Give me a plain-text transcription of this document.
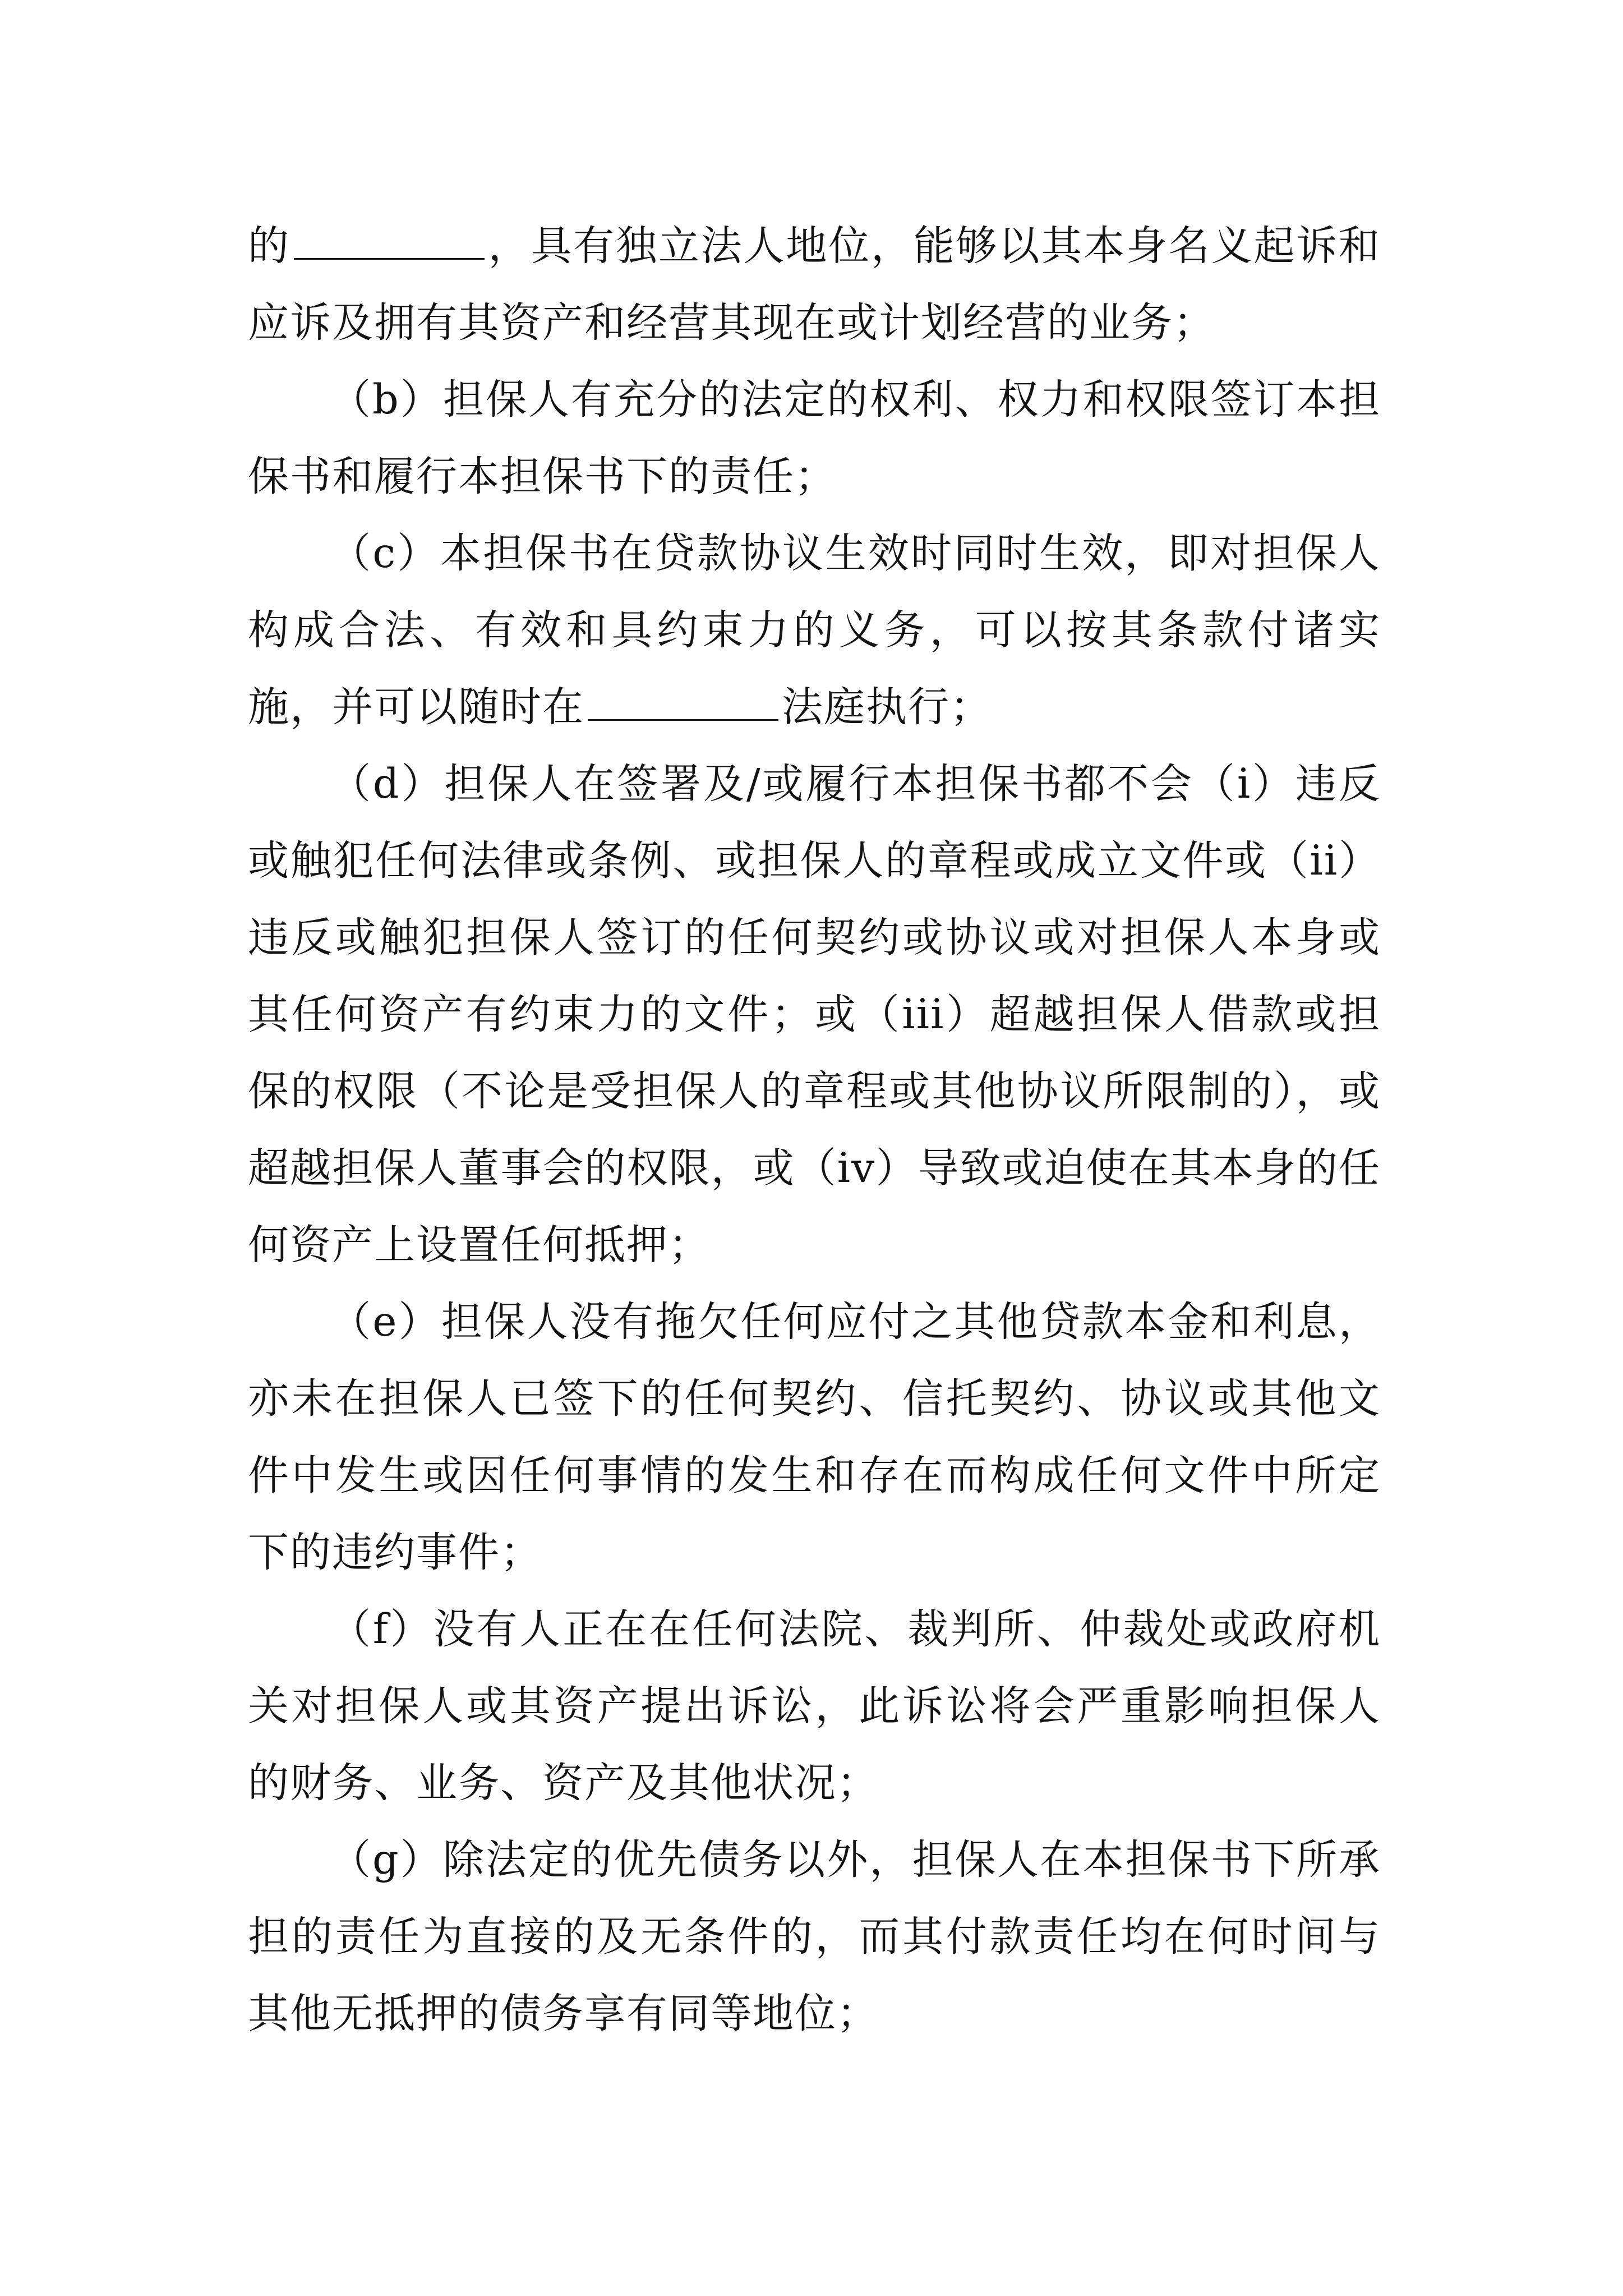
的	，具有独立法人地位，能够以其本身名义起诉和应诉及拥有其资产和经营其现在或计划经营的业务；

（b）担保人有充分的法定的权利、权力和权限签订本担保书和履行本担保书下的责任；

（c）本担保书在贷款协议生效时同时生效，即对担保人构成合法、有效和具约束力的义务，可以按其条款付诸实施，并可以随时在	法庭执行；

（d）担保人在签署及/或履行本担保书都不会（i）违反或触犯任何法律或条例、或担保人的章程或成立文件或（ii）违反或触犯担保人签订的任何契约或协议或对担保人本身或其任何资产有约束力的文件；或（iii）超越担保人借款或担保的权限（不论是受担保人的章程或其他协议所限制的），或超越担保人董事会的权限，或（iv）导致或迫使在其本身的任何资产上设置任何抵押；

（e）担保人没有拖欠任何应付之其他贷款本金和利息，亦未在担保人已签下的任何契约、信托契约、协议或其他文件中发生或因任何事情的发生和存在而构成任何文件中所定下的违约事件；

（f）没有人正在在任何法院、裁判所、仲裁处或政府机关对担保人或其资产提出诉讼，此诉讼将会严重影响担保人的财务、业务、资产及其他状况；

（g）除法定的优先债务以外，担保人在本担保书下所承担的责任为直接的及无条件的，而其付款责任均在何时间与其他无抵押的债务享有同等地位；
